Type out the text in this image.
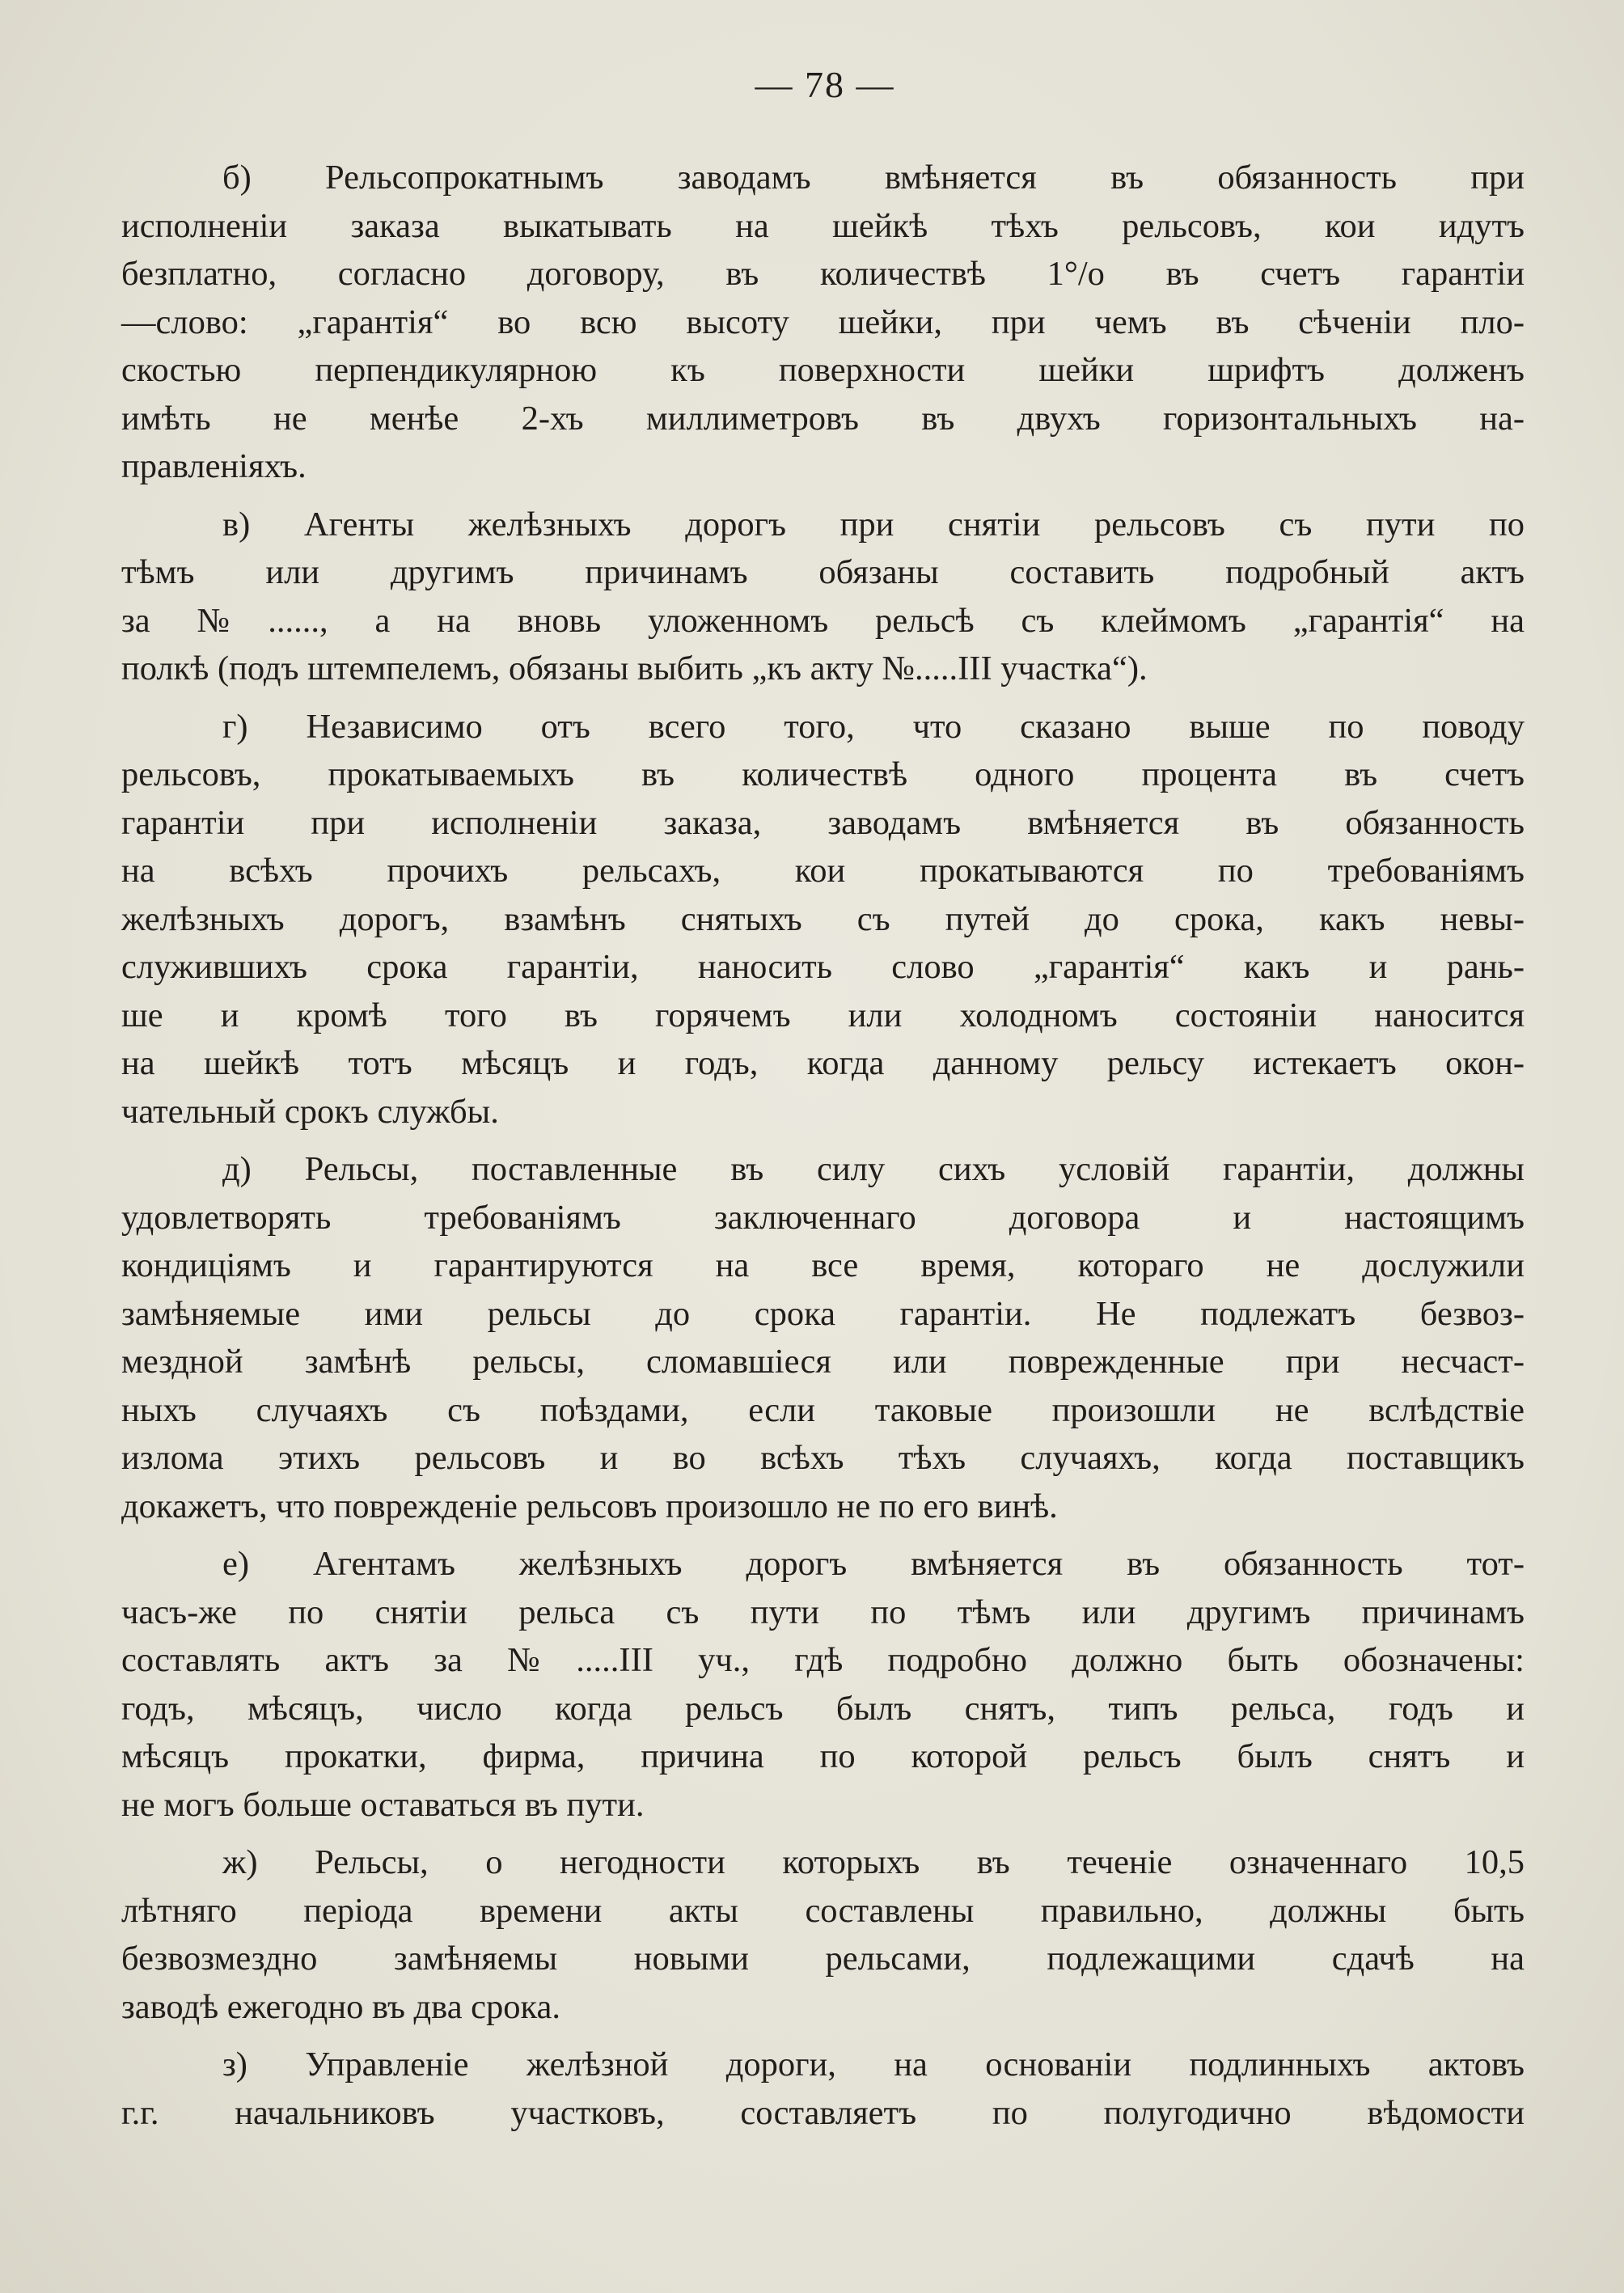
— 78 —
б) Рельсопрокатнымъ заводамъ вмѣняется въ обязанность при
исполненіи заказа выкатывать на шейкѣ тѣхъ рельсовъ, кои идутъ
безплатно, согласно договору, въ количествѣ 1°/о въ счетъ гарантіи
—слово: „гарантія“ во всю высоту шейки, при чемъ въ сѣченіи пло-
скостью перпендикулярною къ поверхности шейки шрифтъ долженъ
имѣть не менѣе 2-хъ миллиметровъ въ двухъ горизонтальныхъ на-
правленіяхъ.
в) Агенты желѣзныхъ дорогъ при снятіи рельсовъ съ пути по
тѣмъ или другимъ причинамъ обязаны составить подробный актъ
за №......, а на вновь уложенномъ рельсѣ съ клеймомъ „гарантія“ на
полкѣ (подъ штемпелемъ, обязаны выбить „къ акту №.....III участка“).
г) Независимо отъ всего того, что сказано выше по поводу
рельсовъ, прокатываемыхъ въ количествѣ одного процента въ счетъ
гарантіи при исполненіи заказа, заводамъ вмѣняется въ обязанность
на всѣхъ прочихъ рельсахъ, кои прокатываются по требованіямъ
желѣзныхъ дорогъ, взамѣнъ снятыхъ съ путей до срока, какъ невы-
служившихъ срока гарантіи, наносить слово „гарантія“ какъ и рань-
ше и кромѣ того въ горячемъ или холодномъ состояніи наносится
на шейкѣ тотъ мѣсяцъ и годъ, когда данному рельсу истекаетъ окон-
чательный срокъ службы.
д) Рельсы, поставленные въ силу сихъ условій гарантіи, должны
удовлетворять требованіямъ заключеннаго договора и настоящимъ
кондиціямъ и гарантируются на все время, котораго не дослужили
замѣняемые ими рельсы до срока гарантіи. Не подлежатъ безвоз-
мездной замѣнѣ рельсы, сломавшіеся или поврежденные при несчаст-
ныхъ случаяхъ съ поѣздами, если таковые произошли не вслѣдствіе
излома этихъ рельсовъ и во всѣхъ тѣхъ случаяхъ, когда поставщикъ
докажетъ, что поврежденіе рельсовъ произошло не по его винѣ.
е) Агентамъ желѣзныхъ дорогъ вмѣняется въ обязанность тот-
часъ-же по снятіи рельса съ пути по тѣмъ или другимъ причинамъ
составлять актъ за №.....III уч., гдѣ подробно должно быть обозначены:
годъ, мѣсяцъ, число когда рельсъ былъ снятъ, типъ рельса, годъ и
мѣсяцъ прокатки, фирма, причина по которой рельсъ былъ снятъ и
не могъ больше оставаться въ пути.
ж) Рельсы, о негодности которыхъ въ теченіе означеннаго 10,5
лѣтняго періода времени акты составлены правильно, должны быть
безвозмездно замѣняемы новыми рельсами, подлежащими сдачѣ на
заводѣ ежегодно въ два срока.
з) Управленіе желѣзной дороги, на основаніи подлинныхъ актовъ
г.г. начальниковъ участковъ, составляетъ по полугодично вѣдомости
